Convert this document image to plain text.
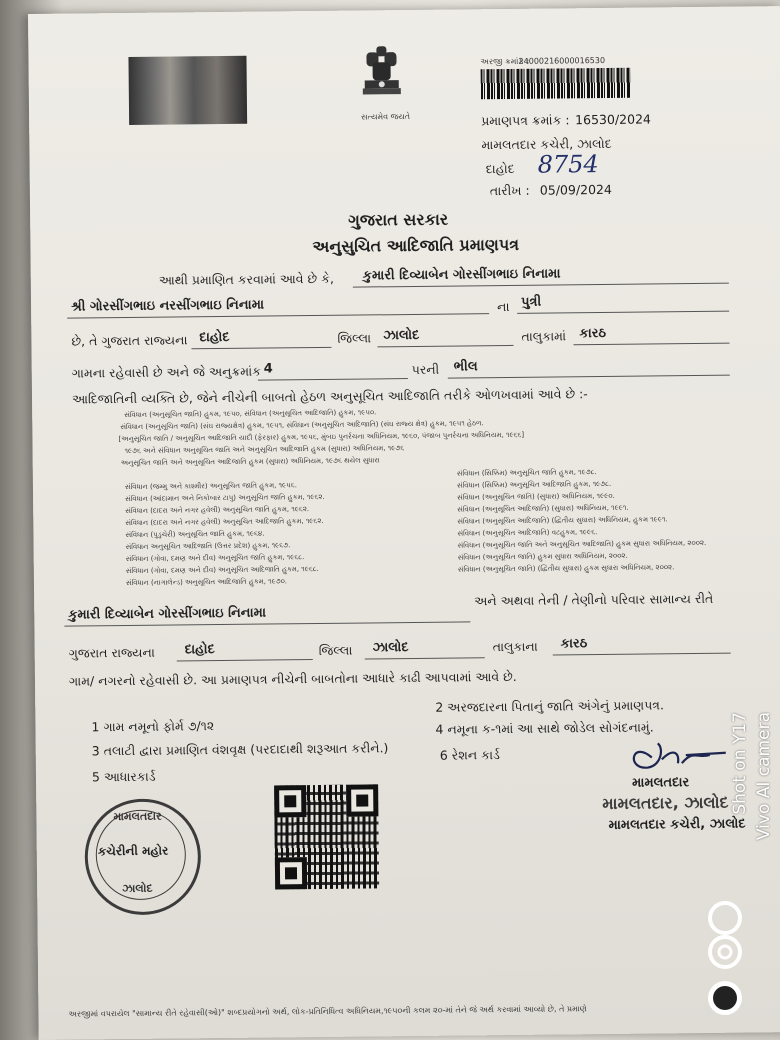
સત્યમેવ જયતે
અરજી ક્રમાંક :
24000216000016530
પ્રમાણપત્ર ક્રમાંક : 16530/2024
મામલતદાર કચેરી, ઝાલોદ
દાહોદ 8754
તારીખ : 05/09/2024
ગુજરાત સરકાર
અનુસુચિત આદિજાતિ પ્રમાણપત્ર
આથી પ્રમાણિત કરવામાં આવે છે કે, કુમારી દિવ્યાબેન ગોરસીંગભાઇ નિનામા
શ્રી ગોરસીંગભાઇ નરસીંગભાઇ નિનામા	ના પુત્રી
છે, તે ગુજરાત રાજ્યના દાહોદ	જિલ્લા ઝાલોદ	તાલુકામાં કારઠ
ગામના રહેવાસી છે અને જે અનુક્રમાંક 4	પરની ભીલ
આદિજાતિની વ્યક્તિ છે, જેને નીચેની બાબતો હેઠળ અનુસૂચિત આદિજાતિ તરીકે ઓળખવામાં આવે છે :-
સંવિધાન (અનુસૂચિત જાતિ) હુકમ, ૧૯૫૦, સંવિધાન (અનુસૂચિત આદિજાતિ) હુકમ, ૧૯૫૦.
સંવિધાન (અનુસૂચિત જાતિ) (સંઘ રાજ્યક્ષેત્ર) હુકમ, ૧૯૫૧, સંવિધાન (અનુસૂચિત આદિજાતિ) (સંઘ રાજ્ય ક્ષેત્ર) હુકમ, ૧૯૫૧ હેઠળ.
[અનુસૂચિત જાતિ / અનુસૂચિત આદિજાતિ યાદી (ફેરફાર) હુકમ, ૧૯૫૬, મુંબઇ પુનર્રચના અધિનિયમ, ૧૯૬૦, પંજાબ પુનર્રચના અધિનિયમ, ૧૯૬૬]
૧૯૭૬ અને સંવિધાન અનુસૂચિત જાતિ અને અનુસૂચિત આદિજાતિ હુકમ (સુધારા) અધિનિયમ, ૧૯૭૬
અનુસૂચિત જાતિ અને અનુસૂચિત આદિજાતિ હુકમ (સુધારા) અધિનિયમ, ૧૯૭૬ થયેલ સુધારા
સંવિધાન (જમ્મુ અને કાશ્મીર) અનુસૂચિત જાતિ હુકમ, ૧૯૫૬.
સંવિધાન (આંદામાન અને નિકોબાર ટાપુ) અનુસૂચિત જાતિ હુકમ, ૧૯૬૨.
સંવિધાન (દાદરા અને નગર હવેલી) અનુસૂચિત જાતિ હુકમ, ૧૯૬૨.
સંવિધાન (દાદરા અને નગર હવેલી) અનુસૂચિત આદિજાતિ હુકમ, ૧૯૬૨.
સંવિધાન (પુડુચેરી) અનુસૂચિત જાતિ હુકમ, ૧૯૬૪.
સંવિધાન અનુસૂચિત આદિજાતિ (ઉત્તર પ્રદેશ) હુકમ, ૧૯૬૭.
સંવિધાન (ગોવા, દમણ અને દીવ) અનુસૂચિત જાતિ હુકમ, ૧૯૬૮.
સંવિધાન (ગોવા, દમણ અને દીવ) અનુસૂચિત આદિજાતિ હુકમ, ૧૯૬૮.
સંવિધાન (નાગાલેન્ડ) અનુસૂચિત આદિજાતિ હુકમ, ૧૯૭૦.
સંવિધાન (સિક્કિમ) અનુસૂચિત જાતિ હુકમ, ૧૯૭૮.
સંવિધાન (સિક્કિમ) અનુસૂચિત આદિજાતિ હુકમ, ૧૯૭૮.
સંવિધાન (અનુસૂચિત જાતિ) (સુધારા) અધિનિયમ, ૧૯૯૦.
સંવિધાન (અનુસૂચિત આદિજાતિ) (સુધારા) અધિનિયમ, ૧૯૯૧.
સંવિધાન (અનુસૂચિત આદિજાતિ) (દ્વિતીય સુધારા) અધિનિયમ, હુકમ ૧૯૯૧.
સંવિધાન (અનુસૂચિત આદિજાતિ) વટહુકમ, ૧૯૯૬.
સંવિધાન (અનુસૂચિત જાતિ અને અનુસૂચિત આદિજાતિ) હુકમ સુધારા અધિનિયમ, ૨૦૦૨.
સંવિધાન (અનુસૂચિત જાતિ) હુકમ સુધારા અધિનિયમ, ૨૦૦૨.
સંવિધાન (અનુસૂચિત જાતિ) (દ્વિતીય સુધારા) હુકમ સુધારા અધિનિયમ, ૨૦૦૨.
કુમારી દિવ્યાબેન ગોરસીંગભાઇ નિનામા
અને અથવા તેની / તેણીનો પરિવાર સામાન્ય રીતે
ગુજરાત રાજ્યના દાહોદ	જિલ્લા ઝાલોદ	તાલુકાના કારઠ
ગામ/ નગરનો રહેવાસી છે. આ પ્રમાણપત્ર નીચેની બાબતોના આધારે કાઢી આપવામાં આવે છે.
1 ગામ નમૂનો ફોર્મ ૭/૧૨
2 અરજદારના પિતાનું જાતિ અંગેનું પ્રમાણપત્ર.
3 તલાટી દ્વારા પ્રમાણિત વંશવૃક્ષ (પરદાદાથી શરૂઆત કરીને.)
4 નમૂના ક-૧માં આ સાથે જોડેલ સોગંદનામું.
5 આધારકાર્ડ
6 રેશન કાર્ડ
મામલતદાર
મામલતદાર, ઝાલોદ
મામલતદાર કચેરી, ઝાલોદ
મામલતદાર
કચેરીની મહોર
ઝાલોદ
અરજીમાં વપરાયેલ "સામાન્ય રીતે રહેવાસી(ઓ)" શબ્દપ્રયોગનો અર્થ, લોક-પ્રતિનિધિત્વ અધિનિયમ,૧૯૫૦ની કલમ ૨૦-માં તેને જે અર્થ કરવામાં આવ્યો છે, તે પ્રમાણે
Vivo AI camera
Shot on Y17
